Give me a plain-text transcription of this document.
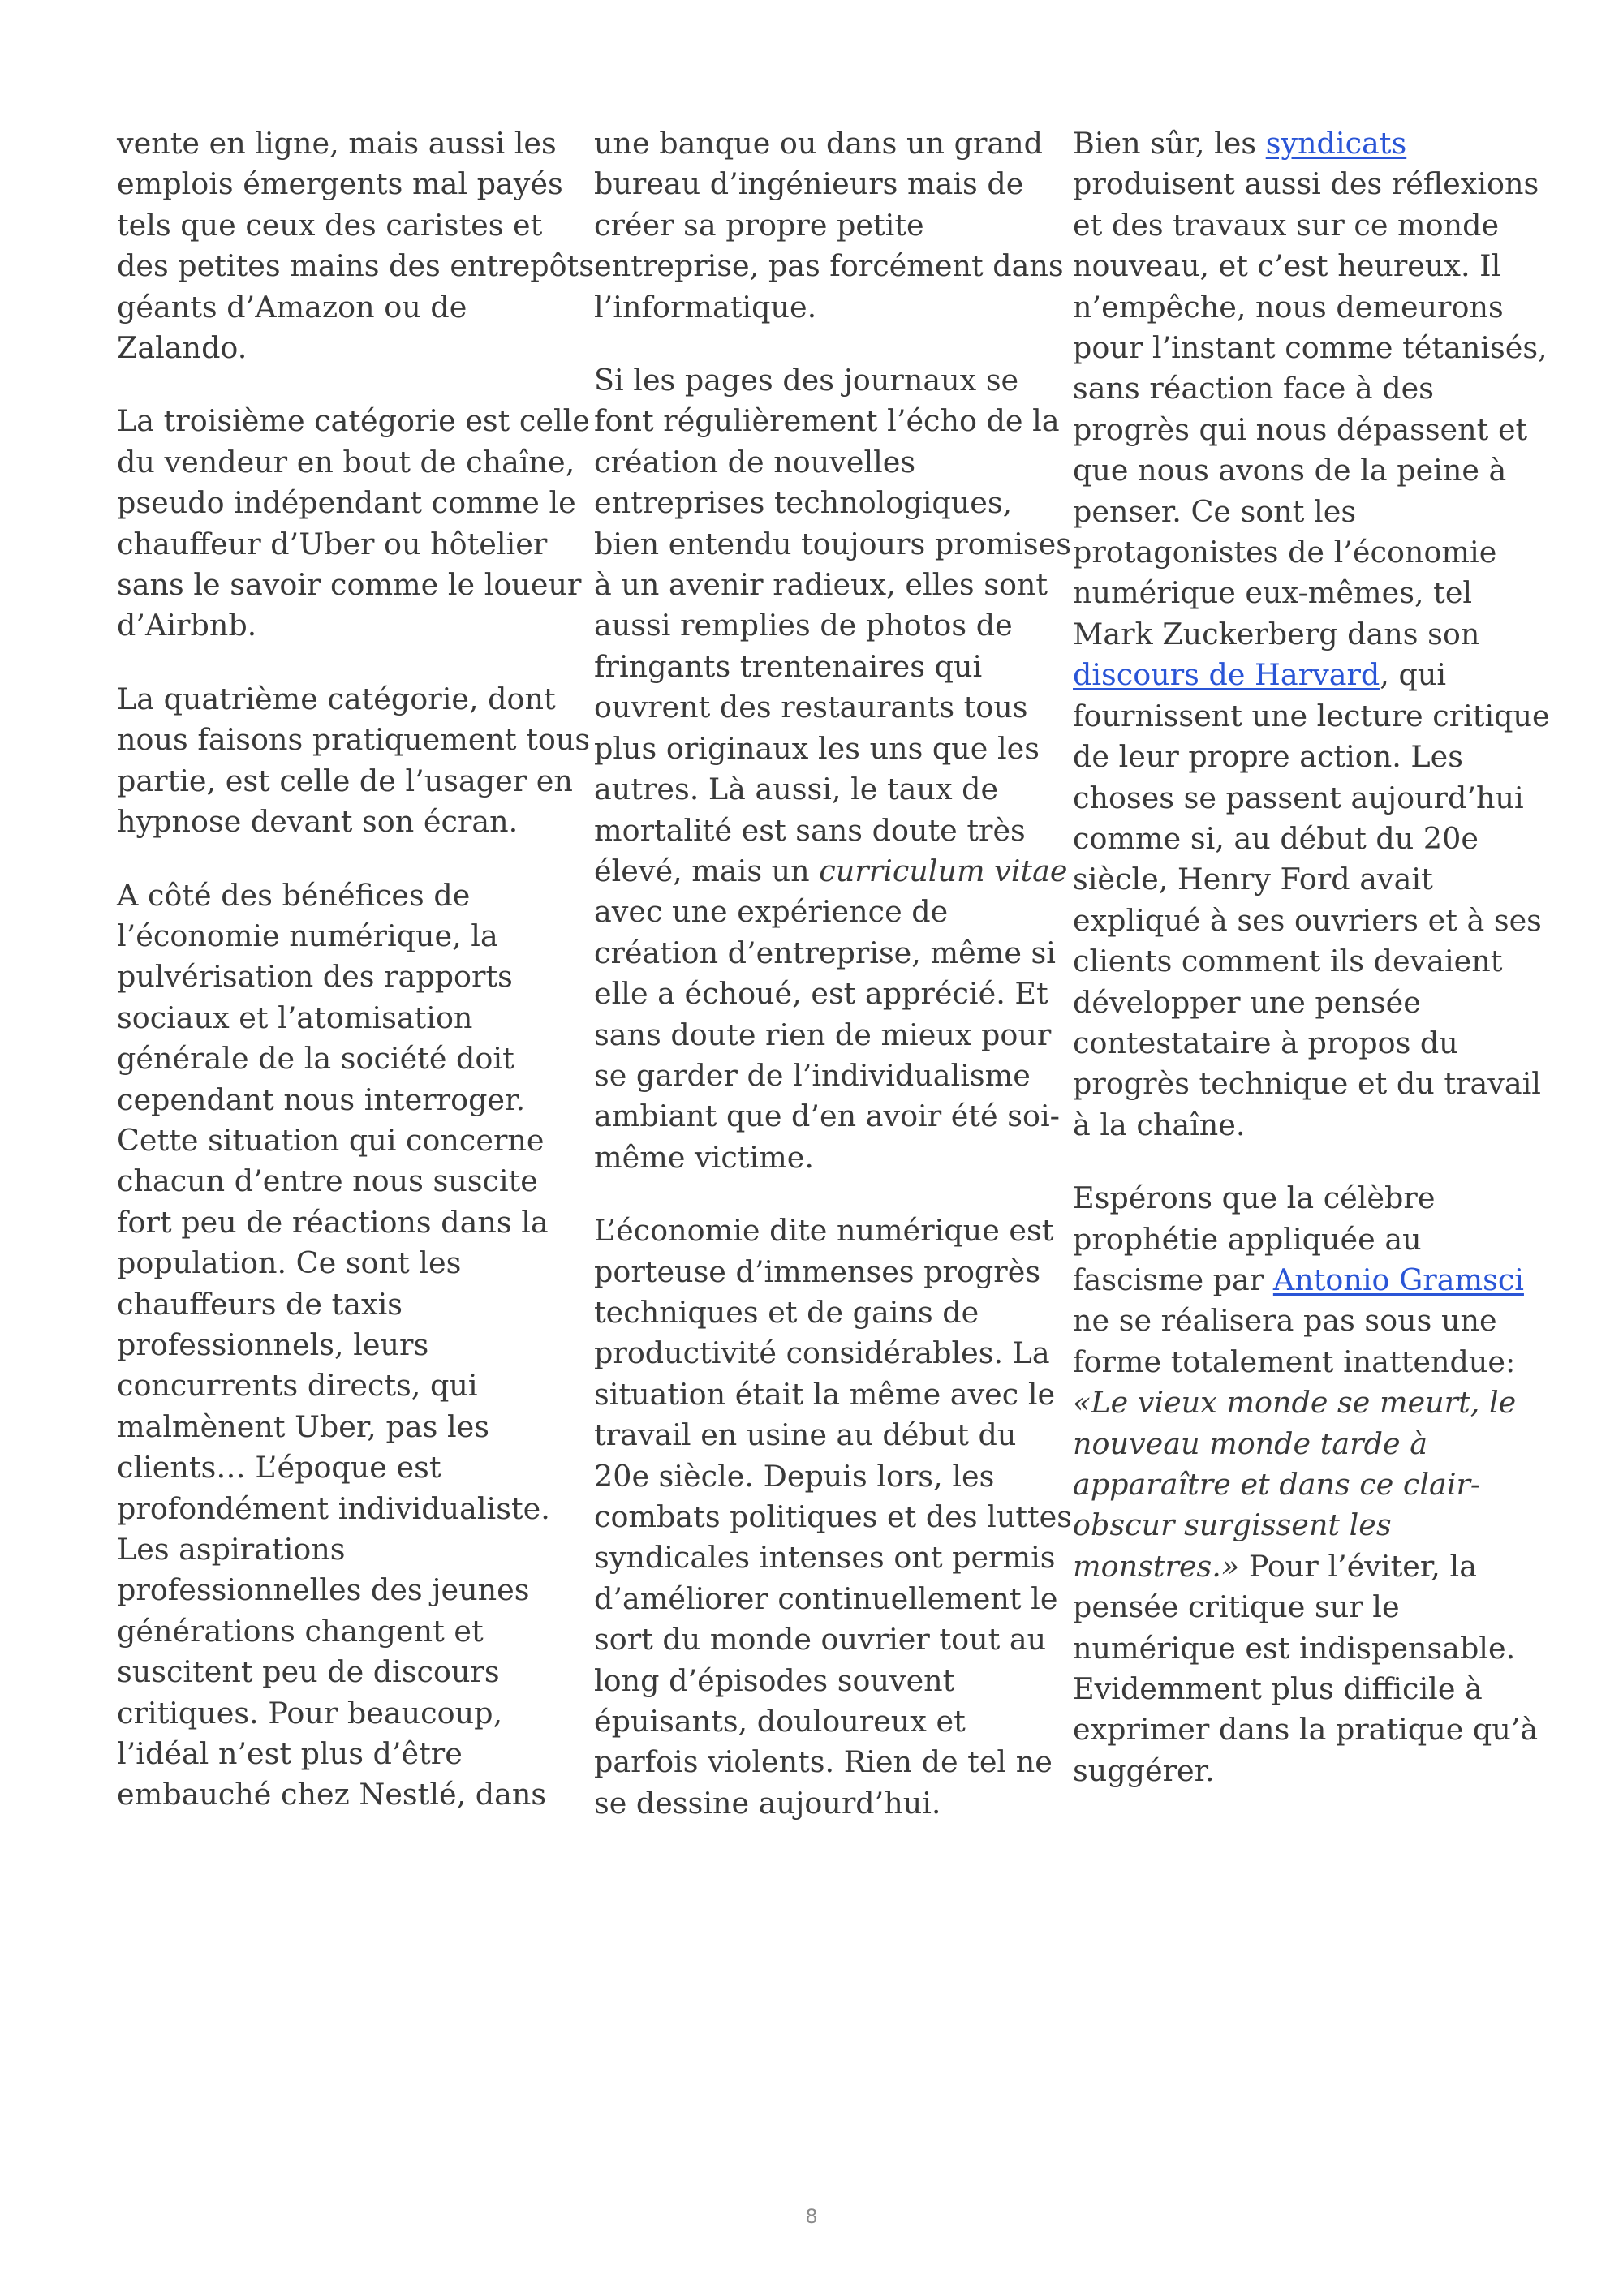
vente en ligne, mais aussi les
emplois émergents mal payés
tels que ceux des caristes et
des petites mains des entrepôts
géants d’Amazon ou de
Zalando.

La troisième catégorie est celle
du vendeur en bout de chaîne,
pseudo indépendant comme le
chauffeur d’Uber ou hôtelier
sans le savoir comme le loueur
d’Airbnb.

La quatrième catégorie, dont
nous faisons pratiquement tous
partie, est celle de l’usager en
hypnose devant son écran.

A côté des bénéfices de
l’économie numérique, la
pulvérisation des rapports
sociaux et l’atomisation
générale de la société doit
cependant nous interroger.
Cette situation qui concerne
chacun d’entre nous suscite
fort peu de réactions dans la
population. Ce sont les
chauffeurs de taxis
professionnels, leurs
concurrents directs, qui
malmènent Uber, pas les
clients… L’époque est
profondément individualiste.
Les aspirations
professionnelles des jeunes
générations changent et
suscitent peu de discours
critiques. Pour beaucoup,
l’idéal n’est plus d’être
embauché chez Nestlé, dans

une banque ou dans un grand
bureau d’ingénieurs mais de
créer sa propre petite
entreprise, pas forcément dans
l’informatique.

Si les pages des journaux se
font régulièrement l’écho de la
création de nouvelles
entreprises technologiques,
bien entendu toujours promises
à un avenir radieux, elles sont
aussi remplies de photos de
fringants trentenaires qui
ouvrent des restaurants tous
plus originaux les uns que les
autres. Là aussi, le taux de
mortalité est sans doute très
élevé, mais un curriculum vitae
avec une expérience de
création d’entreprise, même si
elle a échoué, est apprécié. Et
sans doute rien de mieux pour
se garder de l’individualisme
ambiant que d’en avoir été soi-
même victime.

L’économie dite numérique est
porteuse d’immenses progrès
techniques et de gains de
productivité considérables. La
situation était la même avec le
travail en usine au début du
20e siècle. Depuis lors, les
combats politiques et des luttes
syndicales intenses ont permis
d’améliorer continuellement le
sort du monde ouvrier tout au
long d’épisodes souvent
épuisants, douloureux et
parfois violents. Rien de tel ne
se dessine aujourd’hui.

Bien sûr, les syndicats
produisent aussi des réflexions
et des travaux sur ce monde
nouveau, et c’est heureux. Il
n’empêche, nous demeurons
pour l’instant comme tétanisés,
sans réaction face à des
progrès qui nous dépassent et
que nous avons de la peine à
penser. Ce sont les
protagonistes de l’économie
numérique eux-mêmes, tel
Mark Zuckerberg dans son
discours de Harvard, qui
fournissent une lecture critique
de leur propre action. Les
choses se passent aujourd’hui
comme si, au début du 20e
siècle, Henry Ford avait
expliqué à ses ouvriers et à ses
clients comment ils devaient
développer une pensée
contestataire à propos du
progrès technique et du travail
à la chaîne.

Espérons que la célèbre
prophétie appliquée au
fascisme par Antonio Gramsci
ne se réalisera pas sous une
forme totalement inattendue:
«Le vieux monde se meurt, le
nouveau monde tarde à
apparaître et dans ce clair-
obscur surgissent les
monstres.» Pour l’éviter, la
pensée critique sur le
numérique est indispensable.
Evidemment plus difficile à
exprimer dans la pratique qu’à
suggérer.

8
